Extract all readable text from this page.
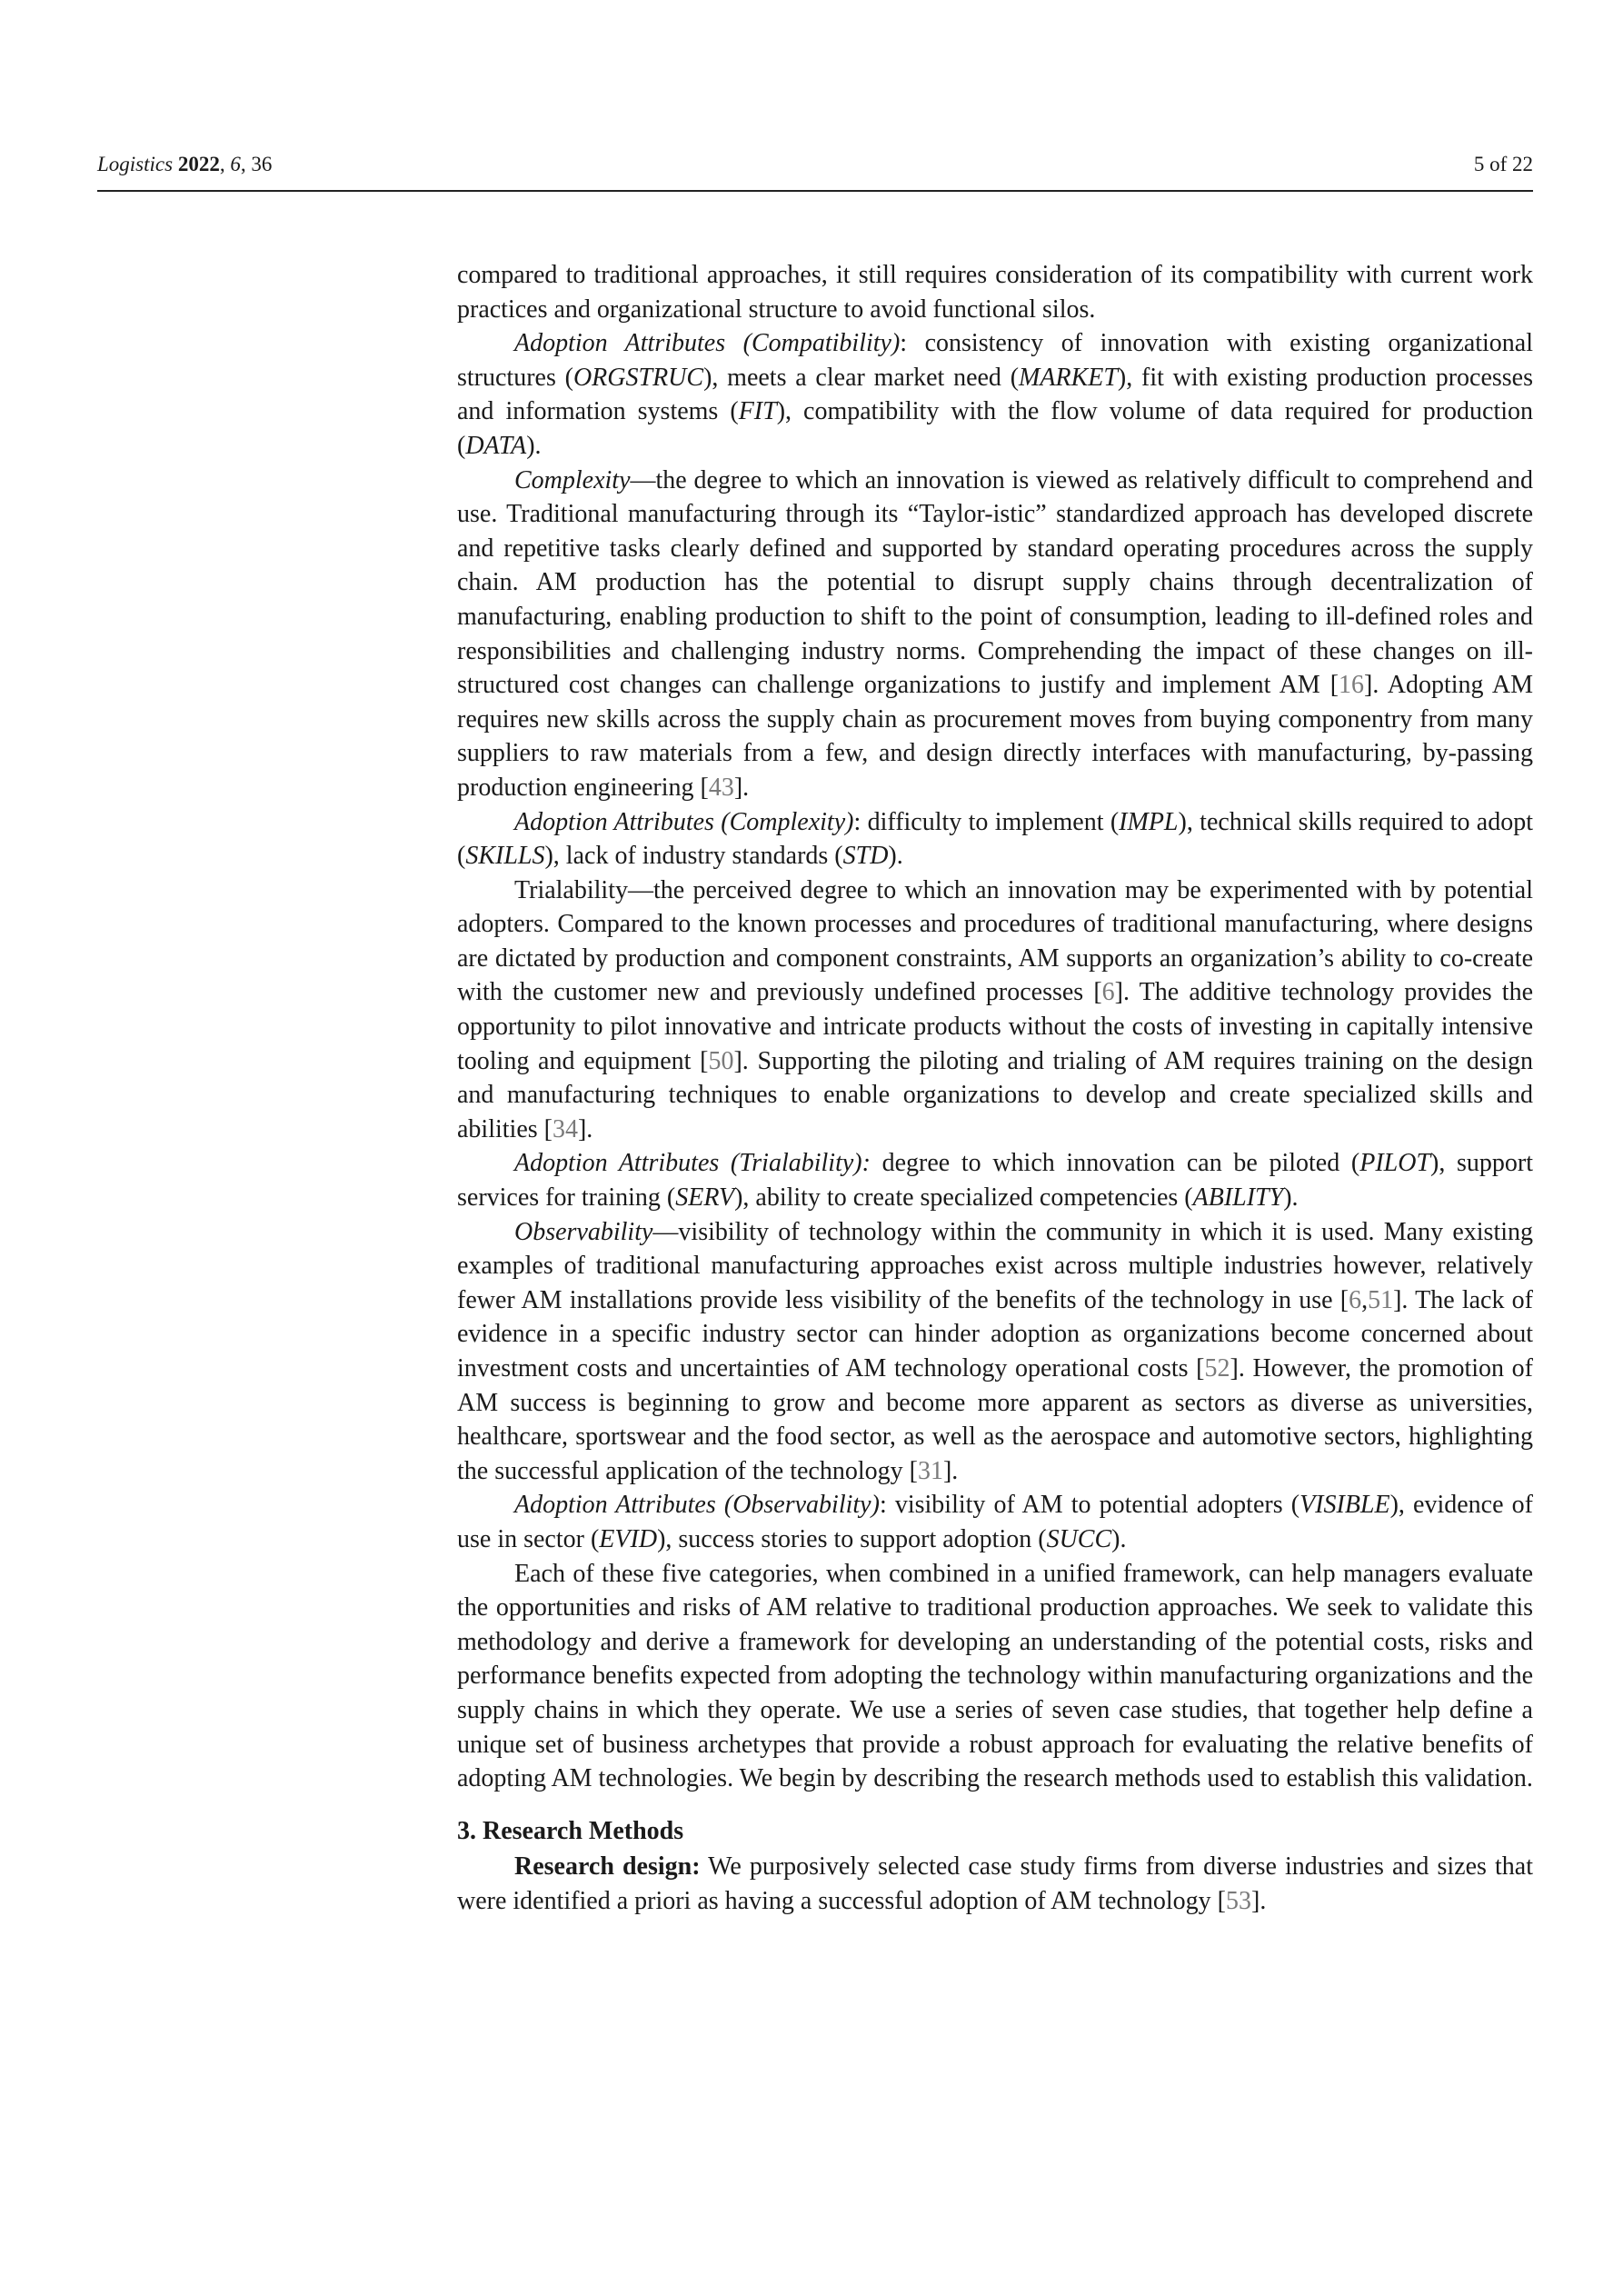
Logistics 2022, 6, 36	5 of 22

compared to traditional approaches, it still requires consideration of its compatibility with current work practices and organizational structure to avoid functional silos.

Adoption Attributes (Compatibility): consistency of innovation with existing organizational structures (ORGSTRUC), meets a clear market need (MARKET), fit with existing production processes and information systems (FIT), compatibility with the flow volume of data required for production (DATA).

Complexity—the degree to which an innovation is viewed as relatively difficult to comprehend and use. Traditional manufacturing through its “Taylor-istic” standardized approach has developed discrete and repetitive tasks clearly defined and supported by standard operating procedures across the supply chain. AM production has the potential to disrupt supply chains through decentralization of manufacturing, enabling production to shift to the point of consumption, leading to ill-defined roles and responsibilities and challenging industry norms. Comprehending the impact of these changes on ill-structured cost changes can challenge organizations to justify and implement AM [16]. Adopting AM requires new skills across the supply chain as procurement moves from buying componentry from many suppliers to raw materials from a few, and design directly interfaces with manufacturing, by-passing production engineering [43].

Adoption Attributes (Complexity): difficulty to implement (IMPL), technical skills required to adopt (SKILLS), lack of industry standards (STD).

Trialability—the perceived degree to which an innovation may be experimented with by potential adopters. Compared to the known processes and procedures of traditional manufacturing, where designs are dictated by production and component constraints, AM supports an organization’s ability to co-create with the customer new and previously undefined processes [6]. The additive technology provides the opportunity to pilot innovative and intricate products without the costs of investing in capitally intensive tooling and equipment [50]. Supporting the piloting and trialing of AM requires training on the design and manufacturing techniques to enable organizations to develop and create specialized skills and abilities [34].

Adoption Attributes (Trialability): degree to which innovation can be piloted (PILOT), support services for training (SERV), ability to create specialized competencies (ABILITY).

Observability—visibility of technology within the community in which it is used. Many existing examples of traditional manufacturing approaches exist across multiple industries however, relatively fewer AM installations provide less visibility of the benefits of the technology in use [6,51]. The lack of evidence in a specific industry sector can hinder adoption as organizations become concerned about investment costs and uncertainties of AM technology operational costs [52]. However, the promotion of AM success is beginning to grow and become more apparent as sectors as diverse as universities, healthcare, sportswear and the food sector, as well as the aerospace and automotive sectors, highlighting the successful application of the technology [31].

Adoption Attributes (Observability): visibility of AM to potential adopters (VISIBLE), evidence of use in sector (EVID), success stories to support adoption (SUCC).

Each of these five categories, when combined in a unified framework, can help managers evaluate the opportunities and risks of AM relative to traditional production approaches. We seek to validate this methodology and derive a framework for developing an understanding of the potential costs, risks and performance benefits expected from adopting the technology within manufacturing organizations and the supply chains in which they operate. We use a series of seven case studies, that together help define a unique set of business archetypes that provide a robust approach for evaluating the relative benefits of adopting AM technologies. We begin by describing the research methods used to establish this validation.

3. Research Methods

Research design: We purposively selected case study firms from diverse industries and sizes that were identified a priori as having a successful adoption of AM technology [53].
